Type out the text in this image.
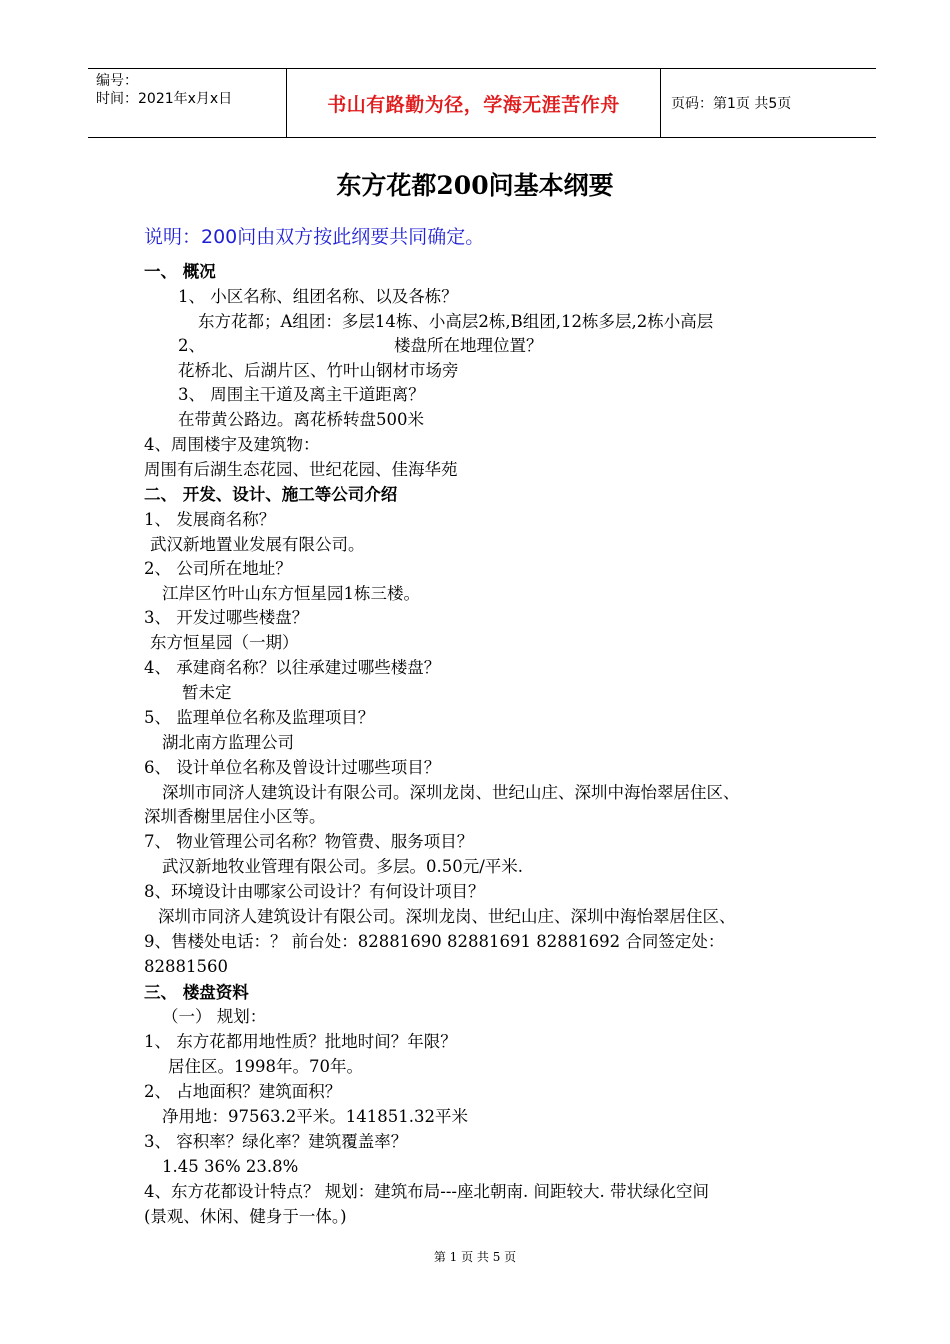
编号：
时间：2021年x月x日	书山有路勤为径，学海无涯苦作舟	页码：第1页 共5页
东方花都200问基本纲要
说明：200问由双方按此纲要共同确定。
一、 概况
1、 小区名称、组团名称、以及各栋？
东方花都；A组团：多层14栋、小高层2栋,B组团,12栋多层,2栋小高层
2、	楼盘所在地理位置？
花桥北、后湖片区、竹叶山钢材市场旁
3、 周围主干道及离主干道距离？
在带黄公路边。离花桥转盘500米
4、周围楼宇及建筑物：
周围有后湖生态花园、世纪花园、佳海华苑
二、 开发、设计、施工等公司介绍
1、 发展商名称？
武汉新地置业发展有限公司。
2、 公司所在地址？
江岸区竹叶山东方恒星园1栋三楼。
3、 开发过哪些楼盘？
东方恒星园（一期）
4、 承建商名称？以往承建过哪些楼盘？
暂未定
5、 监理单位名称及监理项目？
湖北南方监理公司
6、 设计单位名称及曾设计过哪些项目？
深圳市同济人建筑设计有限公司。深圳龙岗、世纪山庄、深圳中海怡翠居住区、
深圳香榭里居住小区等。
7、 物业管理公司名称？物管费、服务项目？
武汉新地牧业管理有限公司。多层。0.50元/平米.
8、环境设计由哪家公司设计？有何设计项目？
深圳市同济人建筑设计有限公司。深圳龙岗、世纪山庄、深圳中海怡翠居住区、
9、售楼处电话：？ 前台处：82881690 82881691 82881692 合同签定处：
82881560
三、 楼盘资料
（一） 规划：
1、 东方花都用地性质？批地时间？年限？
居住区。1998年。70年。
2、 占地面积？建筑面积？
净用地：97563.2平米。141851.32平米
3、 容积率？绿化率？建筑覆盖率？
1.45 36% 23.8%
4、东方花都设计特点？ 规划：建筑布局---座北朝南. 间距较大. 带状绿化空间
(景观、休闲、健身于一体。)
第 1 页 共 5 页
